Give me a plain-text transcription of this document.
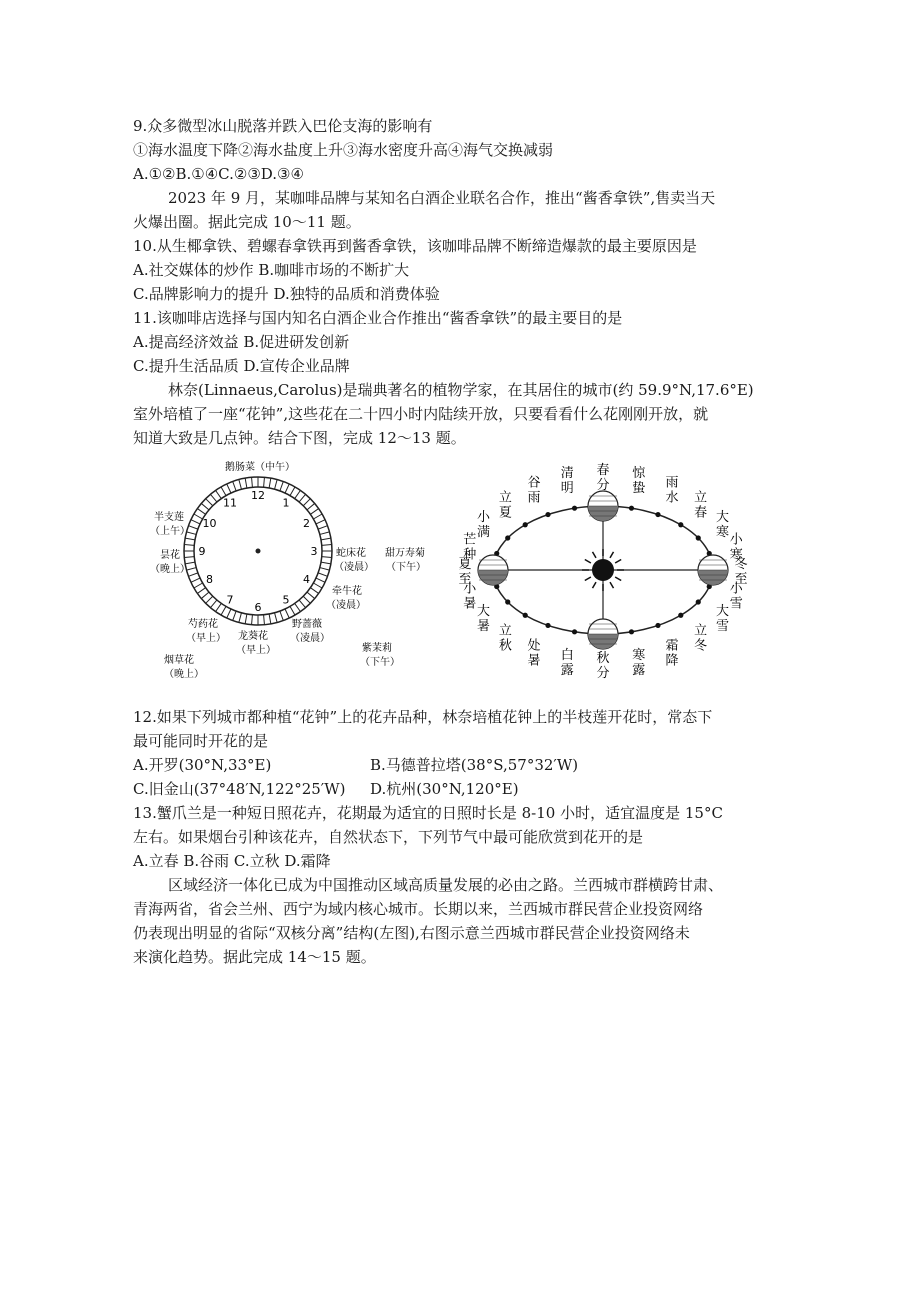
9.众多微型冰山脱落并跌入巴伦支海的影响有
①海水温度下降②海水盐度上升③海水密度升高④海气交换减弱
A.①②B.①④C.②③D.③④
2023 年 9 月，某咖啡品牌与某知名白酒企业联名合作，推出“酱香拿铁”,售卖当天
火爆出圈。据此完成 10～11 题。
10.从生椰拿铁、碧螺春拿铁再到酱香拿铁，该咖啡品牌不断缔造爆款的最主要原因是
A.社交媒体的炒作 B.咖啡市场的不断扩大
C.品牌影响力的提升 D.独特的品质和消费体验
11.该咖啡店选择与国内知名白酒企业合作推出“酱香拿铁”的最主要目的是
A.提高经济效益 B.促进研发创新
C.提升生活品质 D.宣传企业品牌
林奈(Linnaeus,Carolus)是瑞典著名的植物学家，在其居住的城市(约 59.9°N,17.6°E)
室外培植了一座“花钟”,这些花在二十四小时内陆续开放，只要看看什么花刚刚开放，就
知道大致是几点钟。结合下图，完成 12～13 题。
12
1
2
3
4
5
6
7
8
9
10
11
鹅肠菜（中午）
半支莲
（上午）
昙花
（晚上）
蛇床花
（凌晨）
甜万寿菊
（下午）
牵牛花
（凌晨）
芍药花
（早上） 龙葵花
（早上）
野蔷薇
（凌晨）
烟草花
（晚上）
紫茉莉
（下午）
春
分
惊
蛰 雨
水 立
春 大
寒
小
寒
冬
至
小
雪
大
雪
立
冬
霜
降
寒
露
秋
分
白
露
处
暑
立
秋
大
暑
小
暑
夏
至
芒
种
小
满
立
夏
谷
雨
清
明
12.如果下列城市都种植“花钟”上的花卉品种，林奈培植花钟上的半枝莲开花时，常态下
最可能同时开花的是
A.开罗(30°N,33°E)	B.马德普拉塔(38°S,57°32′W)
C.旧金山(37°48′N,122°25′W) D.杭州(30°N,120°E)
13.蟹爪兰是一种短日照花卉，花期最为适宜的日照时长是 8-10 小时，适宜温度是 15°C
左右。如果烟台引种该花卉，自然状态下，下列节气中最可能欣赏到花开的是
A.立春 B.谷雨 C.立秋 D.霜降
区域经济一体化已成为中国推动区域高质量发展的必由之路。兰西城市群横跨甘肃、
青海两省，省会兰州、西宁为域内核心城市。长期以来，兰西城市群民营企业投资网络
仍表现出明显的省际“双核分离”结构(左图),右图示意兰西城市群民营企业投资网络未
来演化趋势。据此完成 14～15 题。
